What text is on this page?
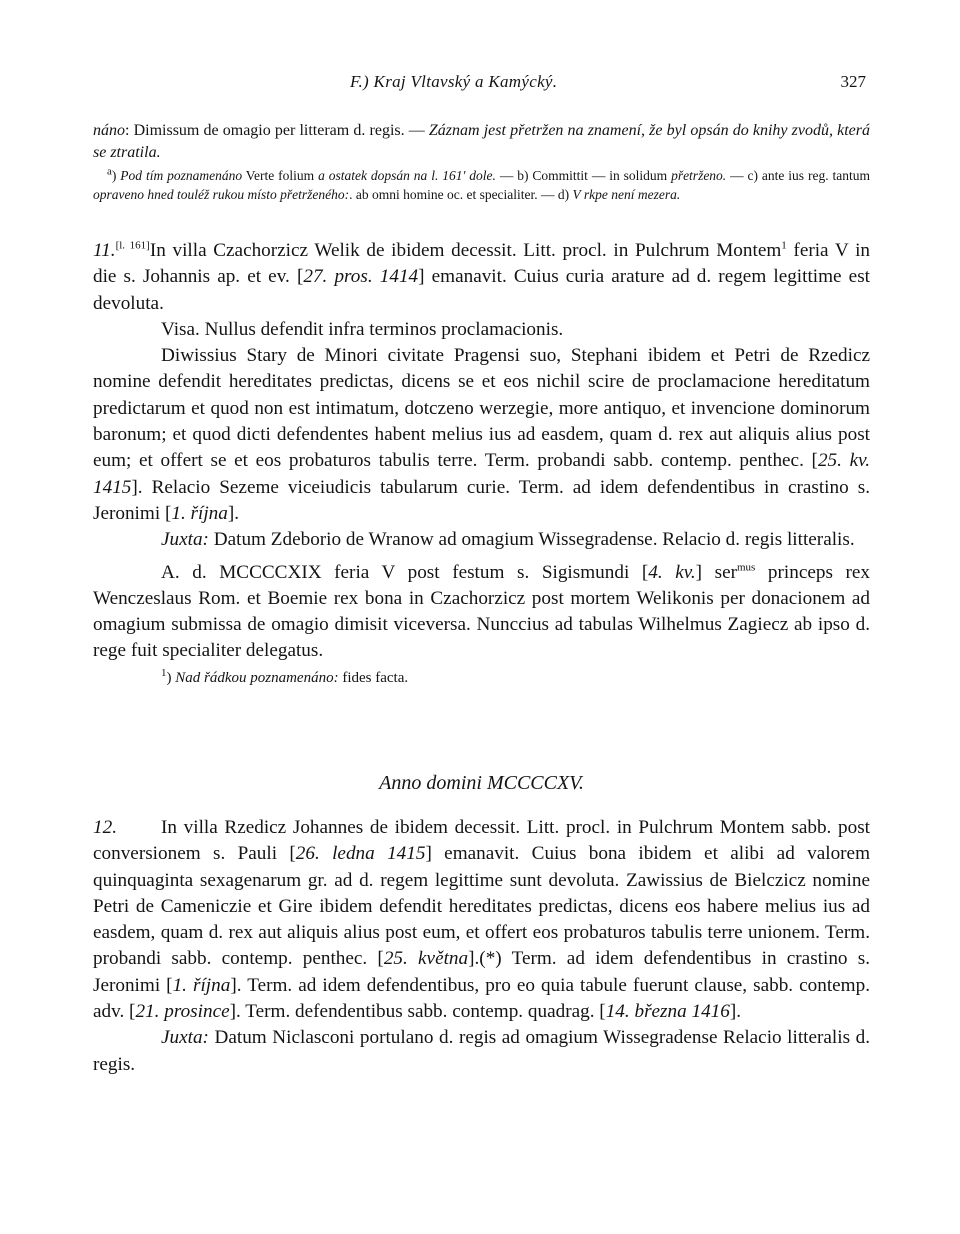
F.) Kraj Vltavský a Kamýcký.	327
náno: Dimissum de omagio per litteram d. regis. — Záznam jest přetržen na znamení, že byl opsán do knihy zvodů, která se ztratila.
$^a$) Pod tím poznamenáno Verte folium a ostatek dopsán na l. 161' dole. — b) Committit — in solidum přetrženo. — c) ante ius reg. tantum opraveno hned touléž rukou místo přetrženého:. ab omni homine oc. et specialiter. — d) V rkpe není mezera.
11.[l. 161]In villa Czachorzicz Welik de ibidem decessit. Litt. procl. in Pulchrum Montem$^1$ feria V in die s. Johannis ap. et ev. [27. pros. 1414] emanavit. Cuius curia arature ad d. regem legittime est devoluta.
Visa. Nullus defendit infra terminos proclamacionis.
Diwissius Stary de Minori civitate Pragensi suo, Stephani ibidem et Petri de Rzedicz nomine defendit hereditates predictas, dicens se et eos nichil scire de proclamacione hereditatum predictarum et quod non est intimatum, dotczeno werzegie, more antiquo, et invencione dominorum baronum; et quod dicti defendentes habent melius ius ad easdem, quam d. rex aut aliquis alius post eum; et offert se et eos probaturos tabulis terre. Term. probandi sabb. contemp. penthec. [25. kv. 1415]. Relacio Sezeme viceiudicis tabularum curie. Term. ad idem defendentibus in crastino s. Jeronimi [1. října].
Juxta: Datum Zdeborio de Wranow ad omagium Wissegradense. Relacio d. regis litteralis.
A. d. MCCCCXIX feria V post festum s. Sigismundi [4. kv.] ser$^{mus}$ princeps rex Wenczeslaus Rom. et Boemie rex bona in Czachorzicz post mortem Welikonis per donacionem ad omagium submissa de omagio dimisit viceversa. Nunccius ad tabulas Wilhelmus Zagiecz ab ipso d. rege fuit specialiter delegatus.
$^1$) Nad řádkou poznamenáno: fides facta.
Anno domini MCCCCXV.
12. In villa Rzedicz Johannes de ibidem decessit. Litt. procl. in Pulchrum Montem sabb. post conversionem s. Pauli [26. ledna 1415] emanavit. Cuius bona ibidem et alibi ad valorem quinquaginta sexagenarum gr. ad d. regem legittime sunt devoluta. Zawissius de Bielczicz nomine Petri de Cameniczie et Gire ibidem defendit hereditates predictas, dicens eos habere melius ius ad easdem, quam d. rex aut aliquis alius post eum, et offert eos probaturos tabulis terre unionem. Term. probandi sabb. contemp. penthec. [25. května].(*) Term. ad idem defendentibus in crastino s. Jeronimi [1. října]. Term. ad idem defendentibus, pro eo quia tabule fuerunt clause, sabb. contemp. adv. [21. prosince]. Term. defendentibus sabb. contemp. quadrag. [14. března 1416].
Juxta: Datum Niclasconi portulano d. regis ad omagium Wissegradense Relacio litteralis d. regis.
